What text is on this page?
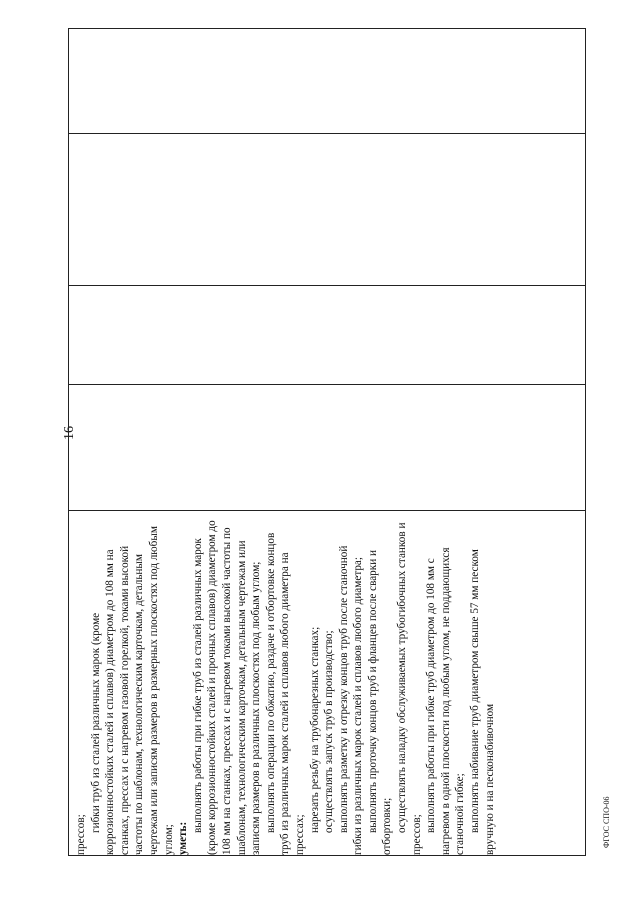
16

прессов;

гибки труб из сталей различных марок (кроме коррозионностойких сталей и сплавов) диаметром до 108 мм на станках, прессах и с нагревом газовой горелкой, токами высокой частоты по шаблонам, технологическим карточкам, детальным чертежам или записям размеров в размерных плоскостях под любым углом; уметь:

выполнять работы при гибке труб из сталей различных марок (кроме коррозионностойких сталей и прочных сплавов) диаметром до 108 мм на станках, прессах и с нагревом токами высокой частоты по шаблонам, технологическим карточкам, детальным чертежам или записям размеров в различных плоскостях под любым углом; выполнять операции по обжатию, раздаче и отбортовке концов труб из различных марок сталей и сплавов любого диаметра на прессах;

нарезать резьбу на трубонарезных станках; осуществлять запуск труб в производство; выполнять разметку и отрезку концов труб после станочной гибки из различных марок сталей и сплавов любого диаметра; выполнять проточку концов труб и фланцев после сварки и отбортовки; осуществлять наладку обслуживаемых трубогибочных станков и прессов;

выполнять работы при гибке труб диаметром до 108 мм с нагревом в одной плоскости под любым углом, не поддающихся станочной гибке; выполнять набивание труб диаметром свыше 57 мм песком вручную и на песконабивочном	ФГОС СПО-06
